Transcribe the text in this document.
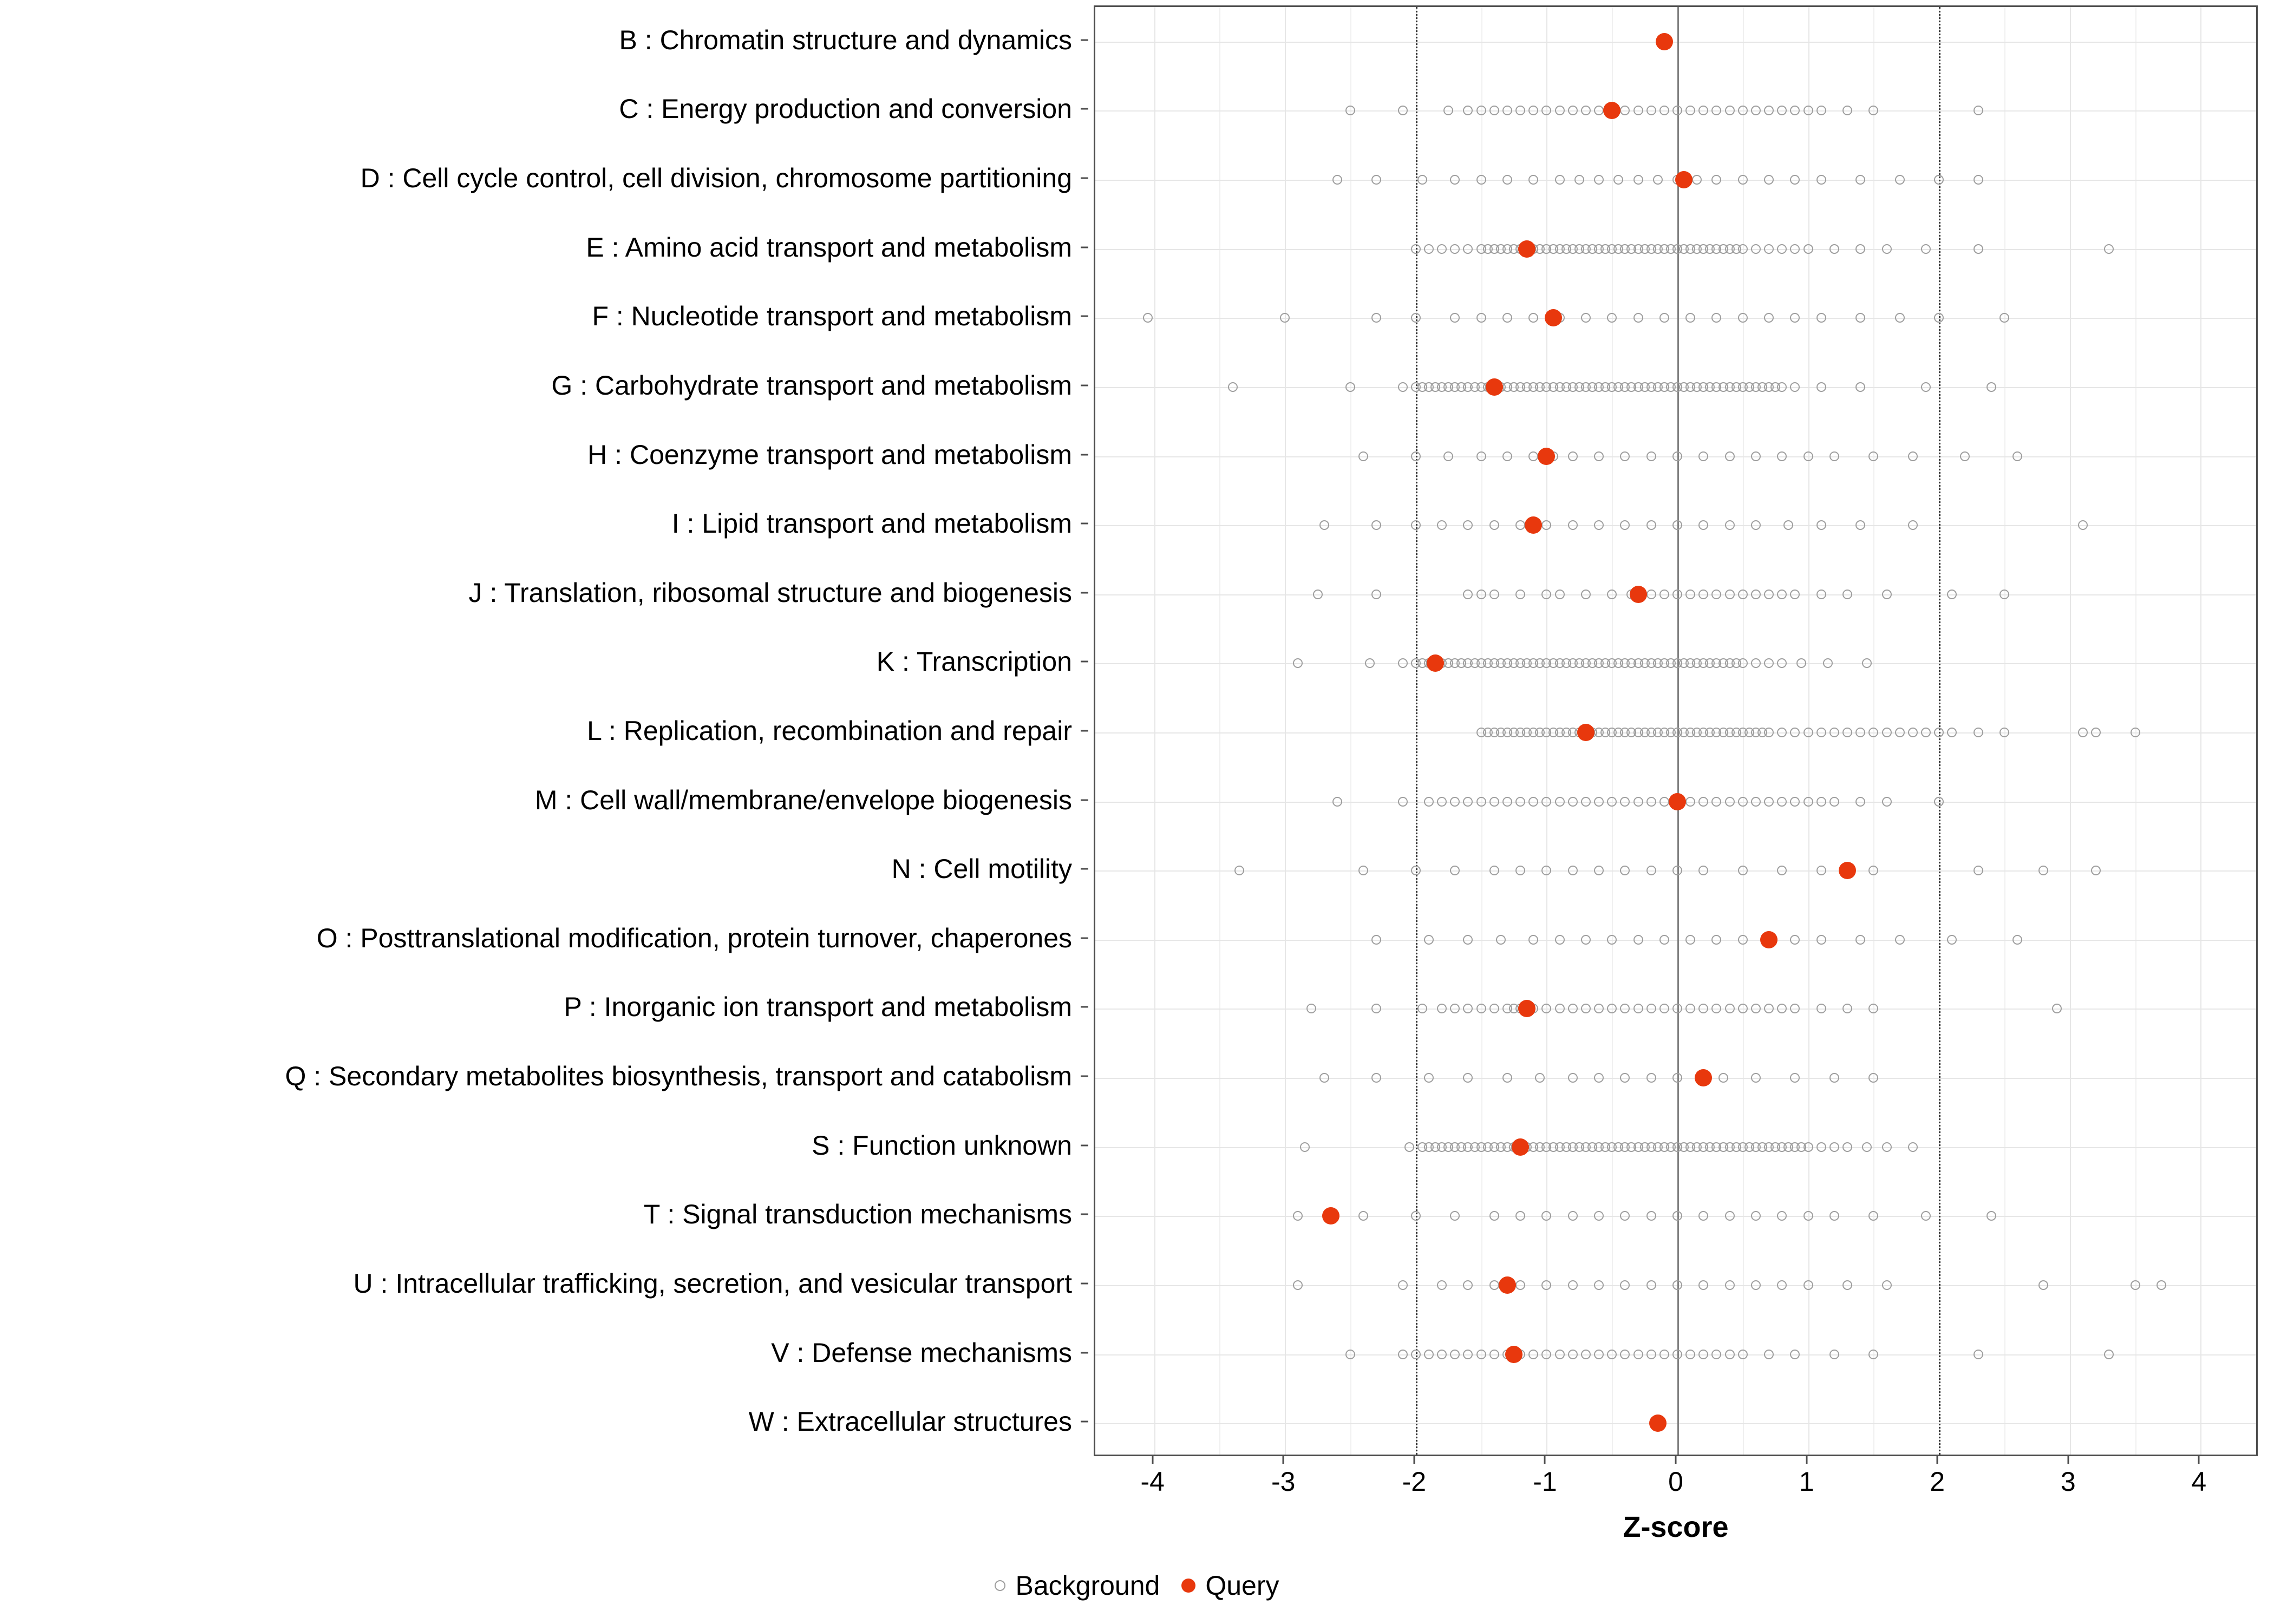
B : Chromatin structure and dynamics
C : Energy production and conversion
D : Cell cycle control, cell division, chromosome partitioning
E : Amino acid transport and metabolism
F : Nucleotide transport and metabolism
G : Carbohydrate transport and metabolism
H : Coenzyme transport and metabolism
I : Lipid transport and metabolism
J : Translation, ribosomal structure and biogenesis
K : Transcription
L : Replication, recombination and repair
M : Cell wall/membrane/envelope biogenesis
N : Cell motility
O : Posttranslational modification, protein turnover, chaperones
P : Inorganic ion transport and metabolism
Q : Secondary metabolites biosynthesis, transport and catabolism
S : Function unknown
T : Signal transduction mechanisms
U : Intracellular trafficking, secretion, and vesicular transport
V : Defense mechanisms
W : Extracellular structures
-4	-3	-2	-1	0	1	2	3	4
Z-score
Background Query
